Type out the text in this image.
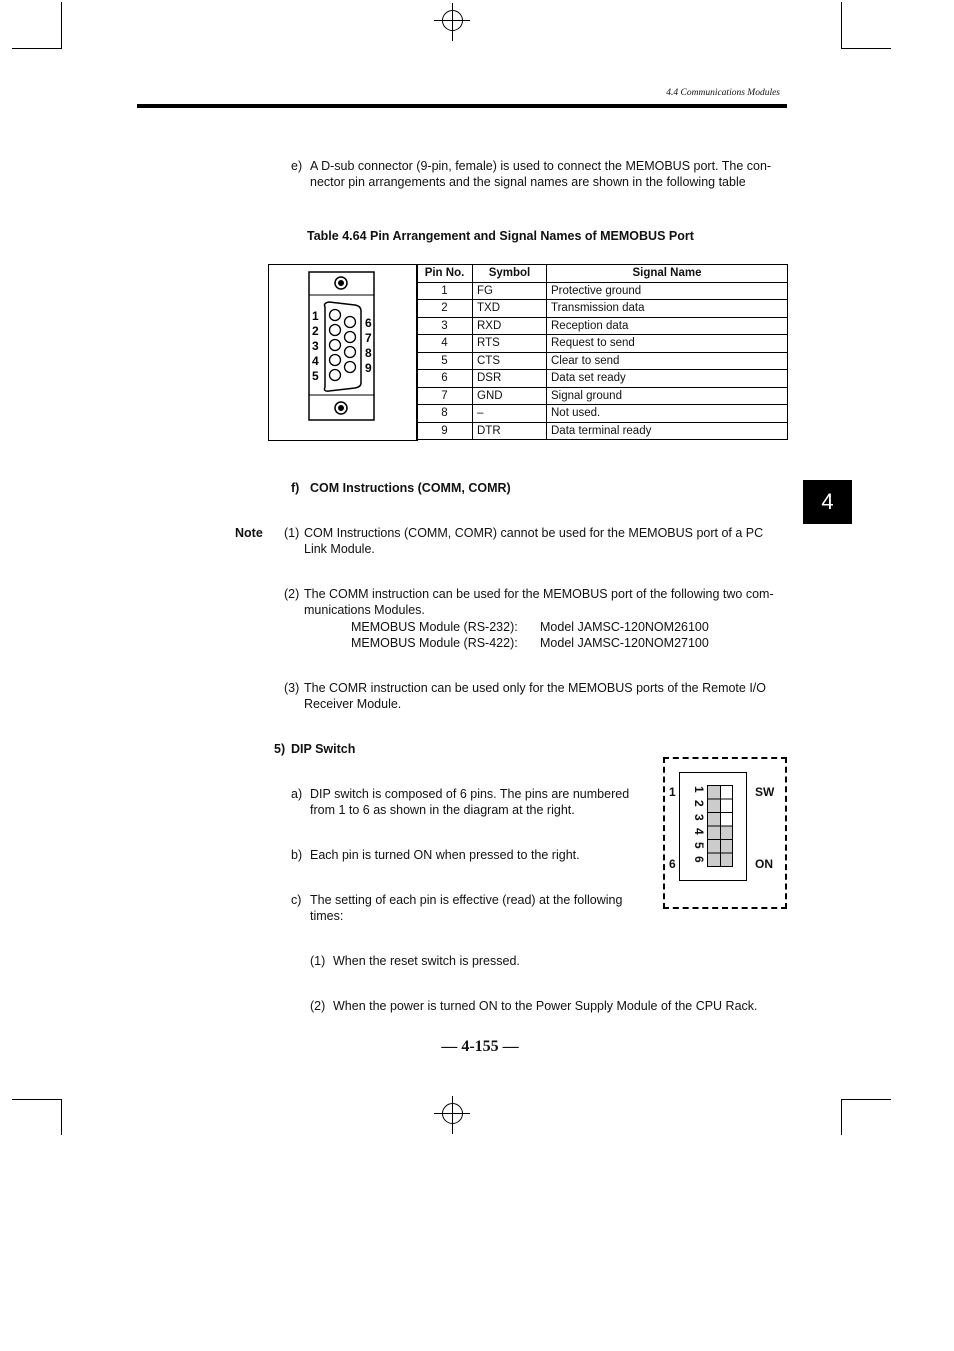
4.4 Communications Modules
4
e) A D-sub connector (9-pin, female) is used to connect the MEMOBUS port. The con-
nector pin arrangements and the signal names are shown in the following table
Table 4.64 Pin Arrangement and Signal Names of MEMOBUS Port
1
2
3
4
5
6
7
8
9
Pin No.	Symbol	Signal Name
1	FG	Protective ground
2	TXD	Transmission data
3	RXD	Reception data
4	RTS	Request to send
5	CTS	Clear to send
6	DSR	Data set ready
7	GND	Signal ground
8	–	Not used.
9	DTR	Data terminal ready
f) COM Instructions (COMM, COMR)
Note (1) COM Instructions (COMM, COMR) cannot be used for the MEMOBUS port of a PC
Link Module.
(2) The COMM instruction can be used for the MEMOBUS port of the following two com-
munications Modules.
MEMOBUS Module (RS-232): Model JAMSC-120NOM26100
MEMOBUS Module (RS-422): Model JAMSC-120NOM27100
(3) The COMR instruction can be used only for the MEMOBUS ports of the Remote I/O
Receiver Module.
5) DIP Switch
a) DIP switch is composed of 6 pins. The pins are numbered
from 1 to 6 as shown in the diagram at the right.
b) Each pin is turned ON when pressed to the right.
c) The setting of each pin is effective (read) at the following
times:
(1) When the reset switch is pressed.
(2) When the power is turned ON to the Power Supply Module of the CPU Rack.
1 2 3 4 5 6
1
6
SW
ON
— 4-155 —
